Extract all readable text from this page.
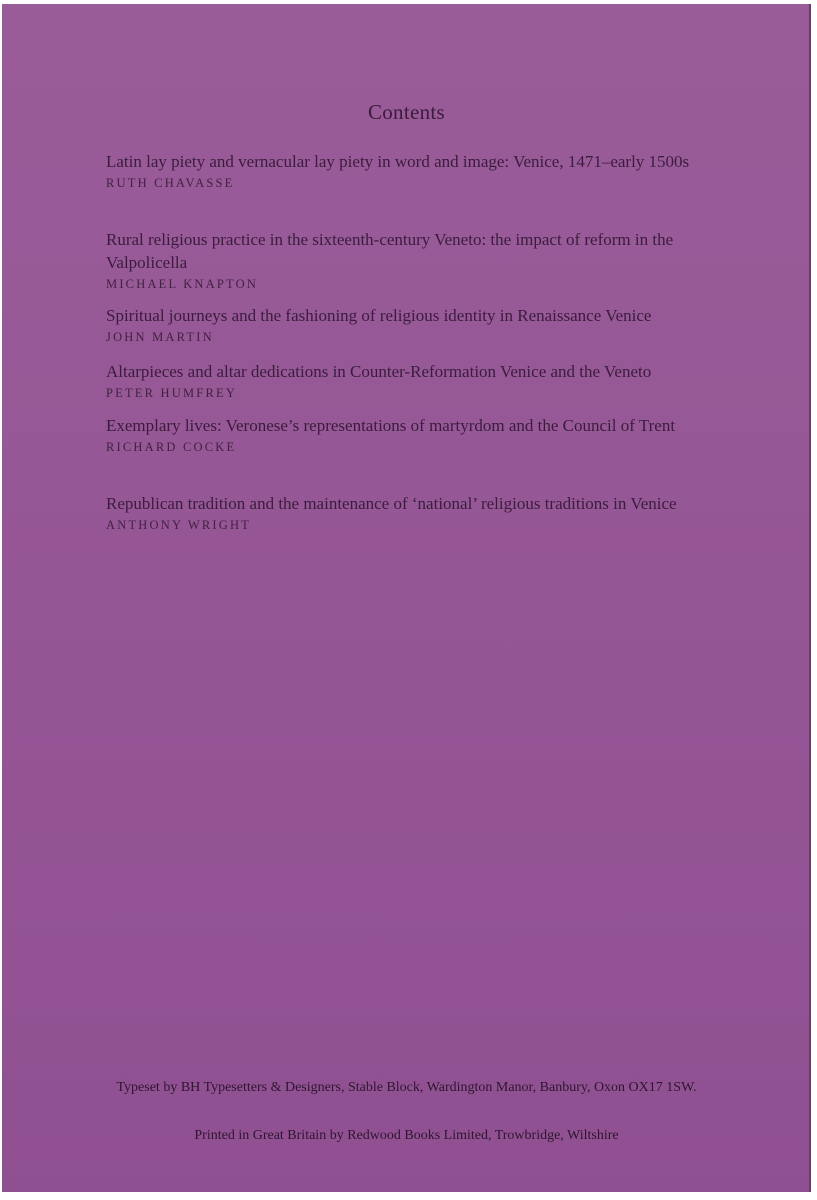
Contents
Latin lay piety and vernacular lay piety in word and image: Venice, 1471–early 1500s
RUTH CHAVASSE
Rural religious practice in the sixteenth-century Veneto: the impact of reform in the Valpolicella
MICHAEL KNAPTON
Spiritual journeys and the fashioning of religious identity in Renaissance Venice
JOHN MARTIN
Altarpieces and altar dedications in Counter-Reformation Venice and the Veneto
PETER HUMFREY
Exemplary lives: Veronese’s representations of martyrdom and the Council of Trent
RICHARD COCKE
Republican tradition and the maintenance of ‘national’ religious traditions in Venice
ANTHONY WRIGHT
Typeset by BH Typesetters & Designers, Stable Block, Wardington Manor, Banbury, Oxon OX17 1SW.
Printed in Great Britain by Redwood Books Limited, Trowbridge, Wiltshire
